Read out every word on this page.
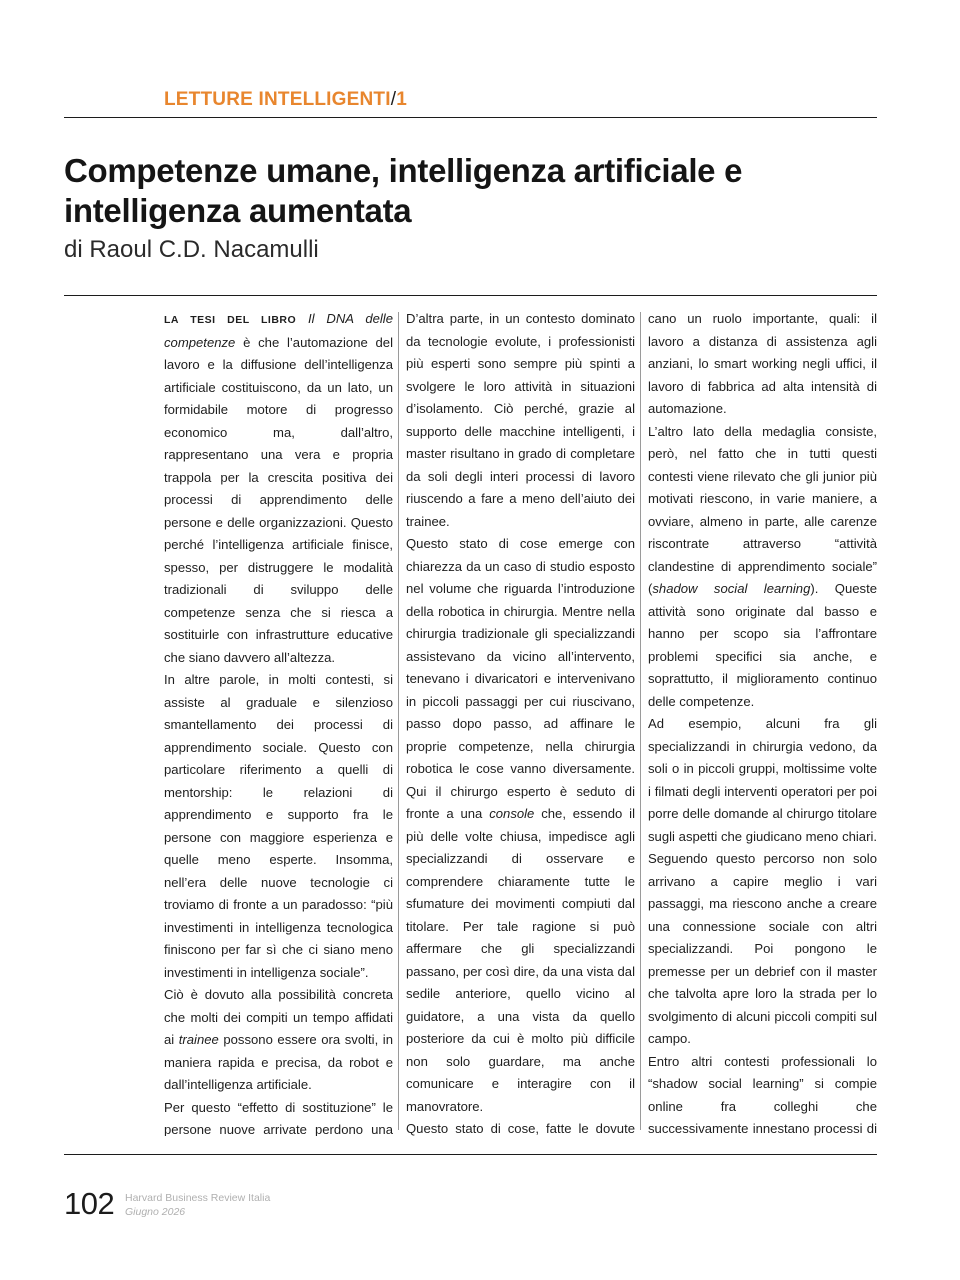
LETTURE INTELLIGENTI/1
Competenze umane, intelligenza artificiale e intelligenza aumentata

di Raoul C.D. Nacamulli

LA TESI DEL LIBRO Il DNA delle competenze è che l’automazione del lavoro e la diffusione dell’intelligenza artificiale costituiscono, da un lato, un formidabile motore di progresso economico ma, dall’altro, rappresentano una vera e propria trappola per la crescita positiva dei processi di apprendimento delle persone e delle organizzazioni. Questo perché l’intelligenza artificiale finisce, spesso, per distruggere le modalità tradizionali di sviluppo delle competenze senza che si riesca a sostituirle con infrastrutture educative che siano davvero all’altezza.

In altre parole, in molti contesti, si assiste al graduale e silenzioso smantellamento dei processi di apprendimento sociale. Questo con particolare riferimento a quelli di mentorship: le relazioni di apprendimento e supporto fra le persone con maggiore esperienza e quelle meno esperte. Insomma, nell’era delle nuove tecnologie ci troviamo di fronte a un paradosso: “più investimenti in intelligenza tecnologica finiscono per far sì che ci siano meno investimenti in intelligenza sociale”.

Ciò è dovuto alla possibilità concreta che molti dei compiti un tempo affidati ai trainee possono essere ora svolti, in maniera rapida e precisa, da robot e dall’intelligenza artificiale.

Per questo “effetto di sostituzione” le persone nuove arrivate perdono una

D’altra parte, in un contesto dominato da tecnologie evolute, i professionisti più esperti sono sempre più spinti a svolgere le loro attività in situazioni d’isolamento. Ciò perché, grazie al supporto delle macchine intelligenti, i master risultano in grado di completare da soli degli interi processi di lavoro riuscendo a fare a meno dell’aiuto dei trainee.

Questo stato di cose emerge con chiarezza da un caso di studio esposto nel volume che riguarda l’introduzione della robotica in chirurgia. Mentre nella chirurgia tradizionale gli specializzandi assistevano da vicino all’intervento, tenevano i divaricatori e intervenivano in piccoli passaggi per cui riuscivano, passo dopo passo, ad affinare le proprie competenze, nella chirurgia robotica le cose vanno diversamente. Qui il chirurgo esperto è seduto di fronte a una console che, essendo il più delle volte chiusa, impedisce agli specializzandi di osservare e comprendere chiaramente tutte le sfumature dei movimenti compiuti dal titolare. Per tale ragione si può affermare che gli specializzandi passano, per così dire, da una vista dal sedile anteriore, quello vicino al guidatore, a una vista da quello posteriore da cui è molto più difficile non solo guardare, ma anche comunicare e interagire con il manovratore.

Questo stato di cose, fatte le dovute

cano un ruolo importante, quali: il lavoro a distanza di assistenza agli anziani, lo smart working negli uffici, il lavoro di fabbrica ad alta intensità di automazione.

L’altro lato della medaglia consiste, però, nel fatto che in tutti questi contesti viene rilevato che gli junior più motivati riescono, in varie maniere, a ovviare, almeno in parte, alle carenze riscontrate attraverso “attività clandestine di apprendimento sociale” (shadow social learning). Queste attività sono originate dal basso e hanno per scopo sia l’affrontare problemi specifici sia anche, e soprattutto, il miglioramento continuo delle competenze.

Ad esempio, alcuni fra gli specializzandi in chirurgia vedono, da soli o in piccoli gruppi, moltissime volte i filmati degli interventi operatori per poi porre delle domande al chirurgo titolare sugli aspetti che giudicano meno chiari. Seguendo questo percorso non solo arrivano a capire meglio i vari passaggi, ma riescono anche a creare una connessione sociale con altri specializzandi. Poi pongono le premesse per un debrief con il master che talvolta apre loro la strada per lo svolgimento di alcuni piccoli compiti sul campo.

Entro altri contesti professionali lo “shadow social learning” si compie online fra colleghi che successivamente innestano processi di

102 Harvard Business Review Italia
Giugno 2026
